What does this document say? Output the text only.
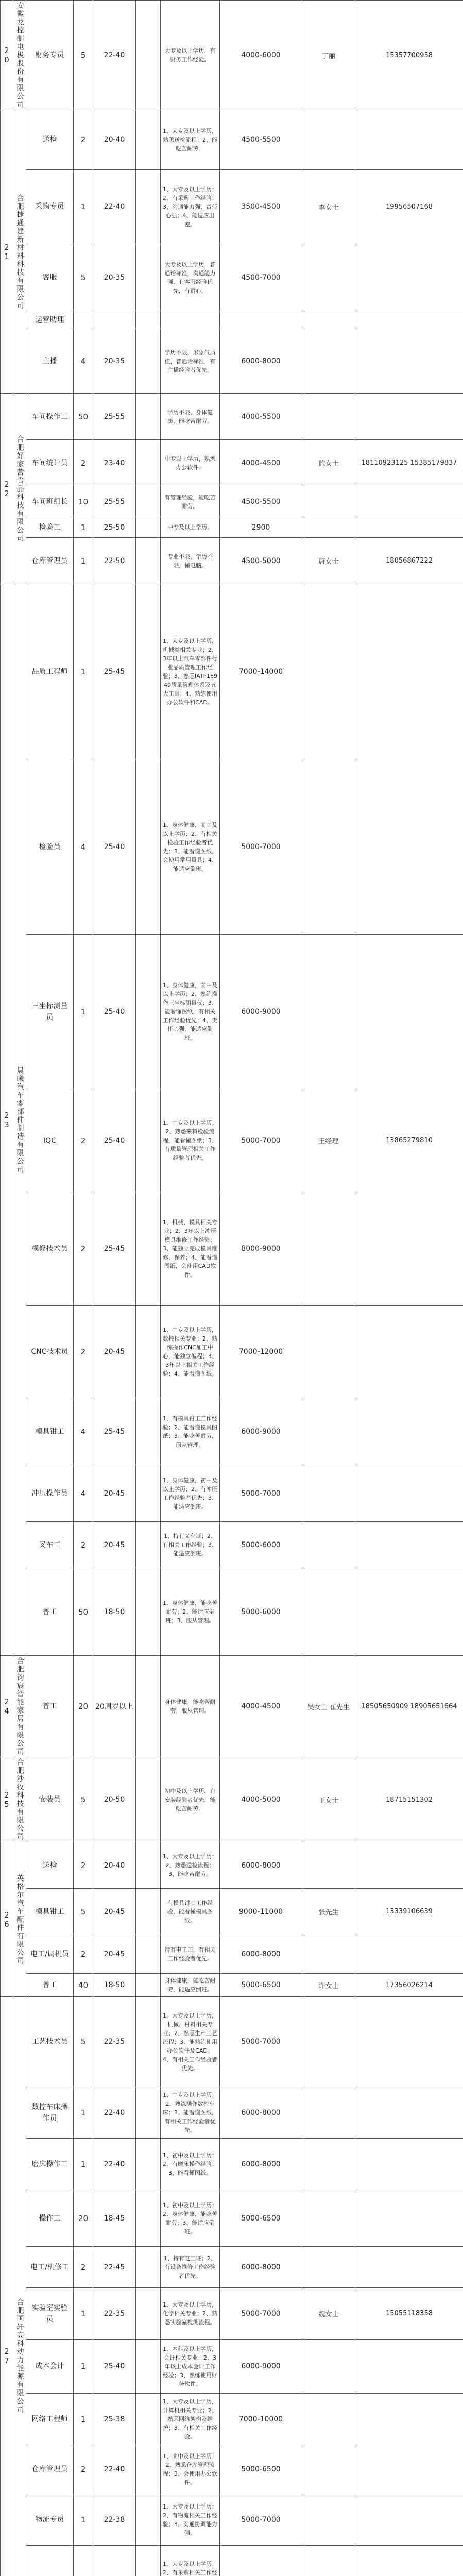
20	安徽龙控制电极股份有限公司	财务专员	5	22-40		大专及以上学历，有财务工作经验。	4000-6000	丁丽	15357700958
21	合肥捷通建新材料科技有限公司	送检	2	20-40		1、大专及以上学历，熟悉送检流程；2、能吃苦耐劳。	4500-5500		
		采购专员	1	22-40		1、大专及以上学历；2、有采购工作经验；3、沟通能力强，责任心强；4、能适应出差。	3500-4500	李女士	19956507168
		客服	5	20-35		大专及以上学历，普通话标准，沟通能力强，有客服经验优先，有耐心。	4500-7000		
		运营助理							
		主播	4	20-35		学历不限，形象气质佳，普通话标准，有主播经验者优先。	6000-8000		
22	合肥好家营食品科技有限公司	车间操作工	50	25-55		学历不限，身体健康，能吃苦耐劳。	4000-5500		
		车间统计员	2	23-40		中专以上学历，熟悉办公软件。	4000-4500	鲍女士	18110923125 15385179837
		车间班组长	10	25-55		有管理经验，能吃苦耐劳。	4500-5500		
		检验工	1	25-50		中专及以上学历。	2900		
		仓库管理员	1	22-50		专业不限，学历不限，懂电脑。	4500-5000	唐女士	18056867222
23	晨曦汽车零部件制造有限公司	品质工程师	1	25-45		1、大专及以上学历，机械类相关专业；2、3年以上汽车零部件行业品质管理工作经验；3、熟悉IATF16949质量管理体系及五大工具；4、熟练使用办公软件和CAD。	7000-14000		
		检验员	4	25-40		1、身体健康，高中及以上学历；2、有相关检验工作经验者优先；3、能看懂图纸，会使用常用量具；4、能适应倒班。	5000-7000		
		三坐标测量员	1	25-40		1、身体健康，高中及以上学历；2、熟练操作三坐标测量仪；3、能看懂图纸，有相关工作经验优先；4、责任心强，能适应倒班。	6000-9000		
		IQC	2	25-40		1、中专及以上学历；2、熟悉来料检验流程，能看懂图纸；3、有质量管理相关工作经验者优先。	5000-7000	王经理	13865279810
		模修技术员	2	25-45		1、机械、模具相关专业；2、3年以上冲压模具维修工作经验；3、能独立完成模具维修、保养；4、能看懂图纸，会使用CAD软件。	8000-9000		
		CNC技术员	2	20-45		1、中专及以上学历，数控相关专业；2、熟练操作CNC加工中心，能独立编程；3、3年以上相关工作经验；4、能看懂图纸。	7000-12000		
		模具钳工	4	25-45		1、有模具钳工工作经验；2、能看懂模具图纸；3、能吃苦耐劳，服从管理。	6000-9000		
		冲压操作员	4	20-45		1、身体健康，初中及以上学历；2、有冲压工作经验者优先；3、能适应倒班。	5000-7000		
		叉车工	2	20-45		1、持有叉车证；2、有相关工作经验；3、能适应倒班。	5000-6000		
		普工	50	18-50		1、身体健康，能吃苦耐劳；2、能适应倒班；3、服从管理。	5000-6000		
24	合肥钧宸智能家居有限公司	普工	20	20周岁以上		身体健康，能吃苦耐劳，服从管理。	4000-4500	吴女士 崔先生	18505650909 18905651664
25	合肥沙牧科技有限公司	安装员	5	20-50		初中及以上学历，有安装经验者优先，能吃苦耐劳。	4000-5000	王女士	18715151302
26	英格尔汽车配件有限公司	送检	2	20-40		1、大专及以上学历；2、熟悉送检流程；3、能吃苦耐劳。	6000-8000		
		模具钳工	5	20-45		有模具钳工工作经验，能看懂模具图纸。	9000-11000	张先生	13339106639
		电工/调机员	2	20-45		持有电工证，有相关工作经验者优先。	6000-8000		
		普工	40	18-50		身体健康，能吃苦耐劳，能适应倒班。	5000-6500	许女士	17356026214
27	合肥国轩高科动力能源有限公司	工艺技术员	5	22-35		1、大专及以上学历，机械、材料相关专业；2、熟悉生产工艺流程；3、能熟练使用办公软件及CAD；4、有相关工作经验者优先。	5000-7000		
		数控车床操作员	1	22-40		1、中专及以上学历；2、熟练操作数控车床；3、能看懂图纸，有相关工作经验者优先。	6000-8000		
		磨床操作工	1	22-40		1、初中及以上学历；2、有磨床操作经验；3、能看懂图纸。	6000-8000		
		操作工	20	18-45		1、初中及以上学历；2、身体健康，能吃苦耐劳；3、能适应倒班。	5000-6500		
		电工/机修工	2	22-45		1、持有电工证；2、有设备维修工作经验者优先。	6000-8000		
		实验室实验员	1	22-35		1、大专及以上学历，化学相关专业；2、熟悉实验室检测流程。	5000-7000	魏女士	15055118358
		成本会计	1	25-40		1、本科及以上学历，会计相关专业；2、3年以上成本会计工作经验；3、熟练使用财务软件。	6000-9000		
		网络工程师	1	25-38		1、大专及以上学历，计算机相关专业；2、熟悉网络架构及维护；3、有相关工作经验。	7000-10000		
		仓库管理员	2	22-40		1、高中及以上学历；2、熟悉仓库管理流程；3、会使用办公软件。	5000-6500		
		物流专员	1	22-38		1、大专及以上学历；2、有物流相关工作经验；3、沟通协调能力强。	5000-7000		
				1、大专及以上学历；2、有采购相关工作经			
